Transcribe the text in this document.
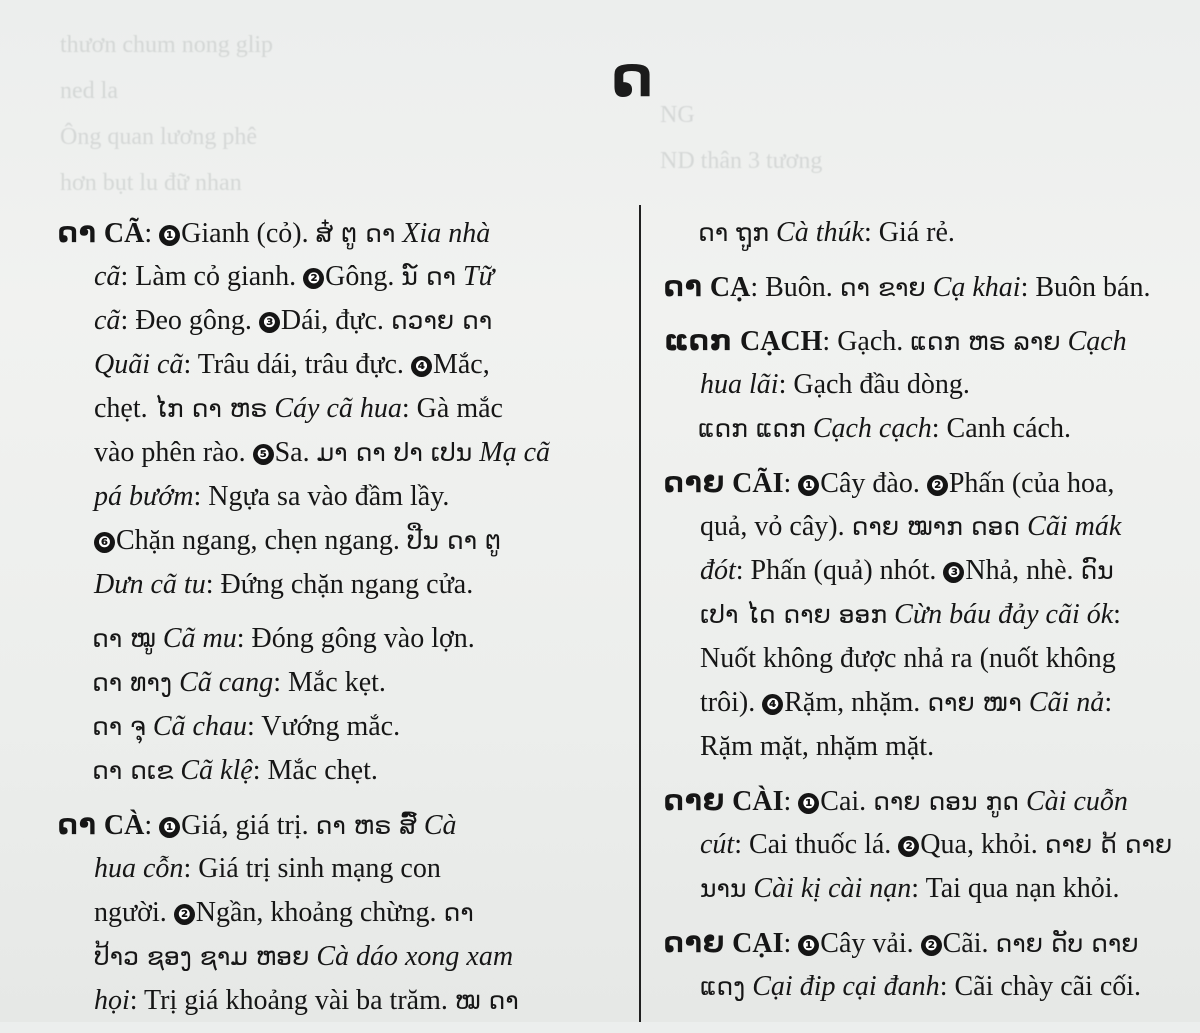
thươn chum nong glip
ned la
Ông quan lương phê
hơn bụt lu đữ nhan

NG
ND thân 3 tương

ດ
ດາ CÃ: ❶ Gianh (cỏ). ສ໋ ຕູ ດາ Xia nhà
cã: Làm cỏ gianh. ❷ Gông. ນ໌ ດາ Tữ
cã: Đeo gông. ❸ Dái, đực. ດວາຍ ດາ
Quãi cã: Trâu dái, trâu đực. ❹ Mắc,
chẹt. ໄກ ດາ ຫຣ Cáy cã hua: Gà mắc
vào phên rào. ❺ Sa. ມາ ດາ ປາ ເປນ Mạ cã
pá bướm: Ngựa sa vào đầm lầy.
❻ Chặn ngang, chẹn ngang. ປືນ ດາ ຕູ
Dưn cã tu: Đứng chặn ngang cửa.
ດາ ໝູ Cã mu: Đóng gông vào lợn.
ດາ ທາງ Cã cang: Mắc kẹt.
ດາ ຈຸ Cã chau: Vướng mắc.
ດາ ດເຂ Cã klệ: Mắc chẹt.
ດາ CÀ: ❶ Giá, giá trị. ດາ ຫຣ ສົ໌ Cà
hua cỗn: Giá trị sinh mạng con
người. ❷ Ngần, khoảng chừng. ດາ
ປ້າວ ຊອງ ຊາມ ຫອຍ Cà dáo xong xam
họi: Trị giá khoảng vài ba trăm. ໝ ດາ
ດາ ຖູກ Cà thúk: Giá rẻ.
ດາ CẠ: Buôn. ດາ ຂາຍ Cạ khai: Buôn bán.
ແດກ CẠCH: Gạch. ແດກ ຫຣ ລາຍ Cạch
hua lãi: Gạch đầu dòng.
ແດກ ແດກ Cạch cạch: Canh cách.
ດາຍ CÃI: ❶ Cây đào. ❷ Phấn (của hoa,
quả, vỏ cây). ດາຍ ໝາກ ດອດ Cãi mák
đót: Phấn (quả) nhót. ❸ Nhả, nhè. ດົນ
ເປາ ໄດ ດາຍ ອອກ Cừn báu đảy cãi ók:
Nuốt không được nhả ra (nuốt không
trôi). ❹ Rặm, nhặm. ດາຍ ໜາ Cãi nả:
Rặm mặt, nhặm mặt.
ດາຍ CÀI: ❶ Cai. ດາຍ ດອນ ກູດ Cài cuỗn
cút: Cai thuốc lá. ❷ Qua, khỏi. ດາຍ ດ້ ດາຍ
ນານ Cài kị cài nạn: Tai qua nạn khỏi.
ດາຍ CẠI: ❶ Cây vải. ❷ Cãi. ດາຍ ດັບ ດາຍ
ແດງ Cại đip cại đanh: Cãi chày cãi cối.
